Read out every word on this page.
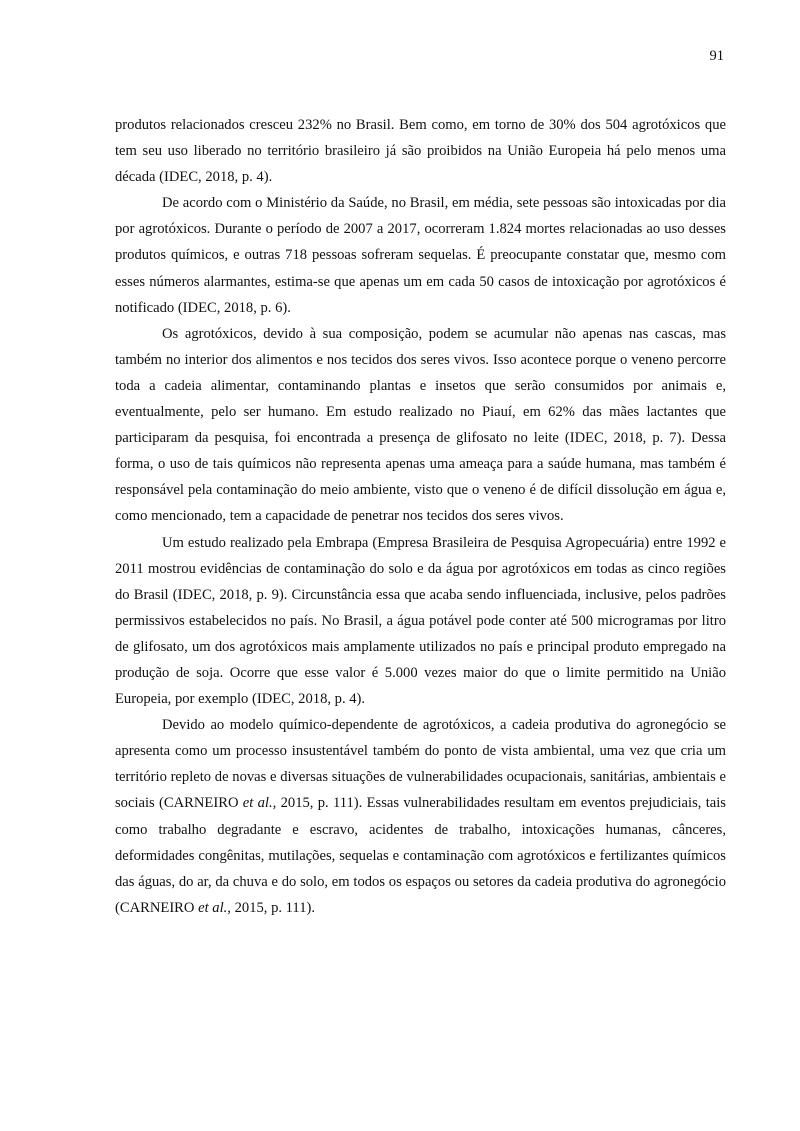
91

produtos relacionados cresceu 232% no Brasil. Bem como, em torno de 30% dos 504 agrotóxicos que tem seu uso liberado no território brasileiro já são proibidos na União Europeia há pelo menos uma década (IDEC, 2018, p. 4).

De acordo com o Ministério da Saúde, no Brasil, em média, sete pessoas são intoxicadas por dia por agrotóxicos. Durante o período de 2007 a 2017, ocorreram 1.824 mortes relacionadas ao uso desses produtos químicos, e outras 718 pessoas sofreram sequelas. É preocupante constatar que, mesmo com esses números alarmantes, estima-se que apenas um em cada 50 casos de intoxicação por agrotóxicos é notificado (IDEC, 2018, p. 6).

Os agrotóxicos, devido à sua composição, podem se acumular não apenas nas cascas, mas também no interior dos alimentos e nos tecidos dos seres vivos. Isso acontece porque o veneno percorre toda a cadeia alimentar, contaminando plantas e insetos que serão consumidos por animais e, eventualmente, pelo ser humano. Em estudo realizado no Piauí, em 62% das mães lactantes que participaram da pesquisa, foi encontrada a presença de glifosato no leite (IDEC, 2018, p. 7). Dessa forma, o uso de tais químicos não representa apenas uma ameaça para a saúde humana, mas também é responsável pela contaminação do meio ambiente, visto que o veneno é de difícil dissolução em água e, como mencionado, tem a capacidade de penetrar nos tecidos dos seres vivos.

Um estudo realizado pela Embrapa (Empresa Brasileira de Pesquisa Agropecuária) entre 1992 e 2011 mostrou evidências de contaminação do solo e da água por agrotóxicos em todas as cinco regiões do Brasil (IDEC, 2018, p. 9). Circunstância essa que acaba sendo influenciada, inclusive, pelos padrões permissivos estabelecidos no país. No Brasil, a água potável pode conter até 500 microgramas por litro de glifosato, um dos agrotóxicos mais amplamente utilizados no país e principal produto empregado na produção de soja. Ocorre que esse valor é 5.000 vezes maior do que o limite permitido na União Europeia, por exemplo (IDEC, 2018, p. 4).

Devido ao modelo químico-dependente de agrotóxicos, a cadeia produtiva do agronegócio se apresenta como um processo insustentável também do ponto de vista ambiental, uma vez que cria um território repleto de novas e diversas situações de vulnerabilidades ocupacionais, sanitárias, ambientais e sociais (CARNEIRO et al., 2015, p. 111). Essas vulnerabilidades resultam em eventos prejudiciais, tais como trabalho degradante e escravo, acidentes de trabalho, intoxicações humanas, cânceres, deformidades congênitas, mutilações, sequelas e contaminação com agrotóxicos e fertilizantes químicos das águas, do ar, da chuva e do solo, em todos os espaços ou setores da cadeia produtiva do agronegócio (CARNEIRO et al., 2015, p. 111).
